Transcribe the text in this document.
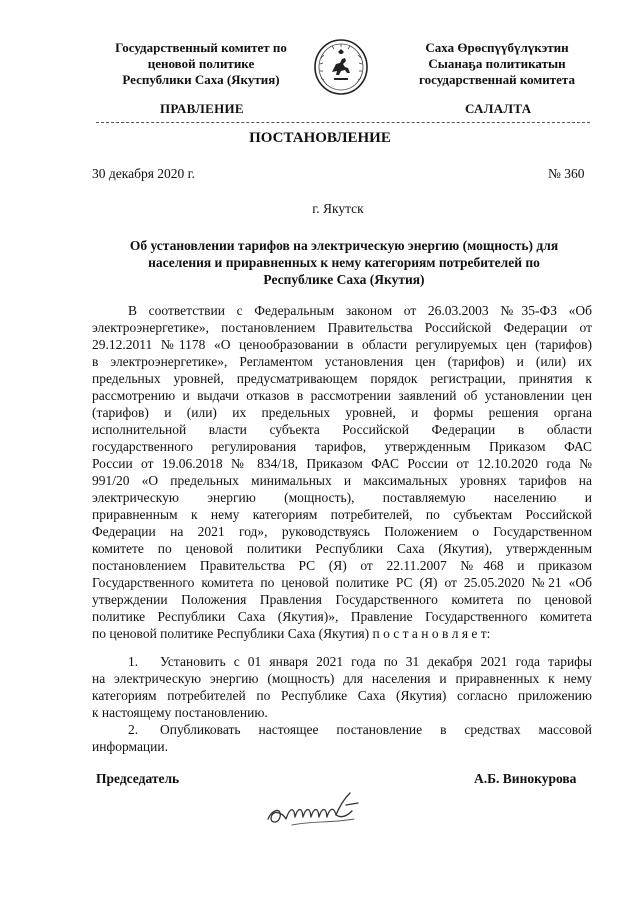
Государственный комитет по
ценовой политике
Республики Саха (Якутия)
Саха Өрөспүүбүлүкэтин
Сыанаҕа политикатын
государственнай комитета
ПРАВЛЕНИЕ	САЛАЛТА
ПОСТАНОВЛЕНИЕ
30 декабря 2020 г.	№ 360
г. Якутск
Об установлении тарифов на электрическую энергию (мощность) для
населения и приравненных к нему категориям потребителей по
Республике Саха (Якутия)
В соответствии с Федеральным законом от 26.03.2003 №35-ФЗ «Об
электроэнергетике», постановлением Правительства Российской Федерации от
29.12.2011 №1178 «О ценообразовании в области регулируемых цен (тарифов)
в электроэнергетике», Регламентом установления цен (тарифов) и (или) их
предельных уровней, предусматривающем порядок регистрации, принятия к
рассмотрению и выдачи отказов в рассмотрении заявлений об установлении цен
(тарифов) и (или) их предельных уровней, и формы решения органа
исполнительной власти субъекта Российской Федерации в области
государственного регулирования тарифов, утвержденным Приказом ФАС
России от 19.06.2018 № 834/18, Приказом ФАС России от 12.10.2020 года №
991/20 «О предельных минимальных и максимальных уровнях тарифов на
электрическую энергию (мощность), поставляемую населению и
приравненным к нему категориям потребителей, по субъектам Российской
Федерации на 2021 год», руководствуясь Положением о Государственном
комитете по ценовой политики Республики Саха (Якутия), утвержденным
постановлением Правительства РС (Я) от 22.11.2007 №468 и приказом
Государственного комитета по ценовой политике РС (Я) от 25.05.2020 №21 «Об
утверждении Положения Правления Государственного комитета по ценовой
политике Республики Саха (Якутия)», Правление Государственного комитета
по ценовой политике Республики Саха (Якутия) п о с т а н о в л я е т:
1. Установить с 01 января 2021 года по 31 декабря 2021 года тарифы
на электрическую энергию (мощность) для населения и приравненных к нему
категориям потребителей по Республике Саха (Якутия) согласно приложению
к настоящему постановлению.
2. Опубликовать настоящее постановление в средствах массовой
информации.
Председатель	А.Б. Винокурова
